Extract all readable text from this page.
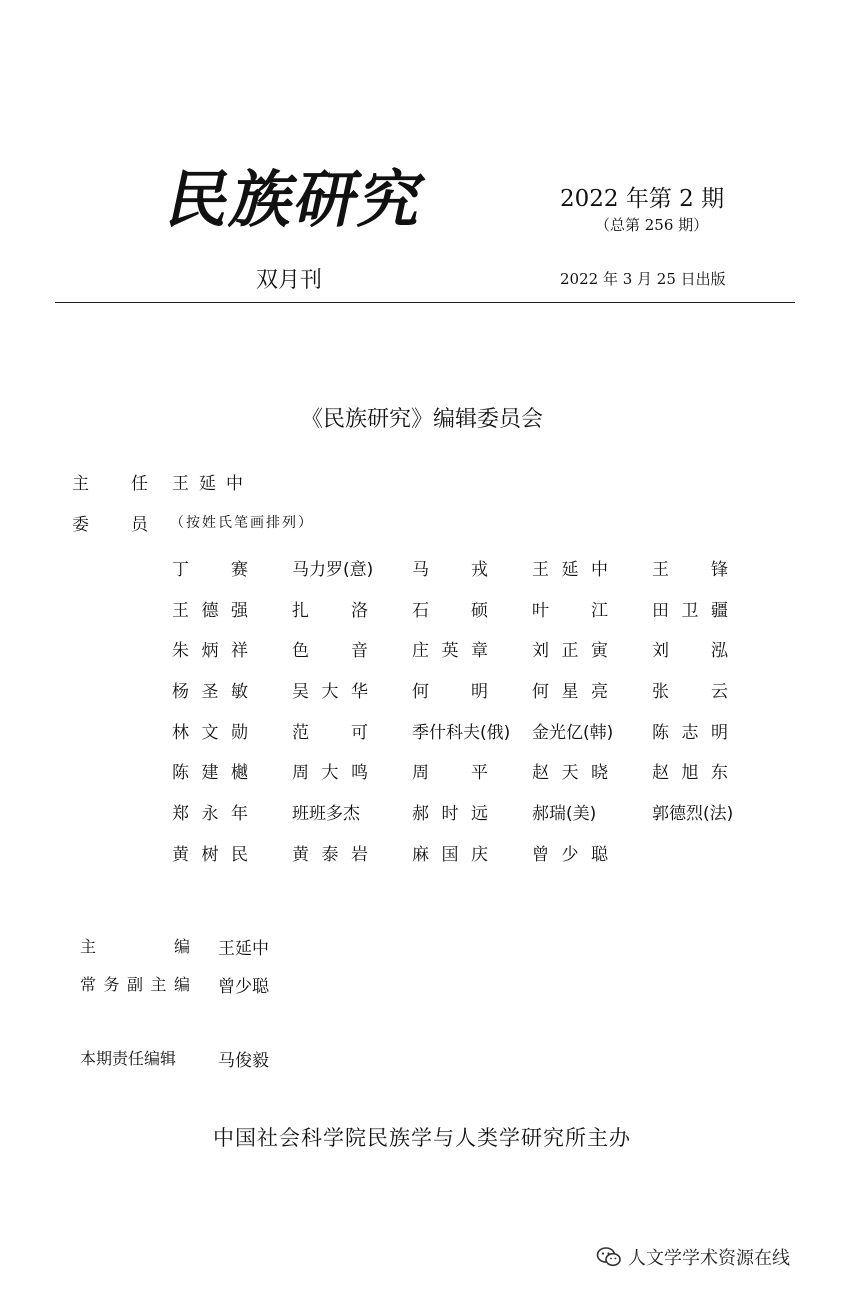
民族研究	2022 年第 2 期
（总第 256 期）
双月刊	2022 年 3 月 25 日出版
《民族研究》编辑委员会
主 任 王延中
委 员 （按姓氏笔画排列）
丁 赛	马力罗(意)	马 戎	王 延 中	王 锋
王 德 强	扎 洛	石 硕	叶 江	田 卫 疆
朱 炳 祥	色 音	庄 英 章	刘 正 寅	刘 泓
杨 圣 敏	吴 大 华	何 明	何 星 亮	张 云
林 文 勋	范 可	季什科夫(俄)	金光亿(韩)	陈 志 明
陈 建 樾	周 大 鸣	周 平	赵 天 晓	赵 旭 东
郑 永 年	班班多杰	郝 时 远	郝瑞(美)	郭德烈(法)
黄 树 民	黄 泰 岩	麻 国 庆	曾 少 聪
主	编 王延中
常 务 副 主 编 曾少聪
本期责任编辑	马俊毅
中国社会科学院民族学与人类学研究所主办
人文学学术资源在线
